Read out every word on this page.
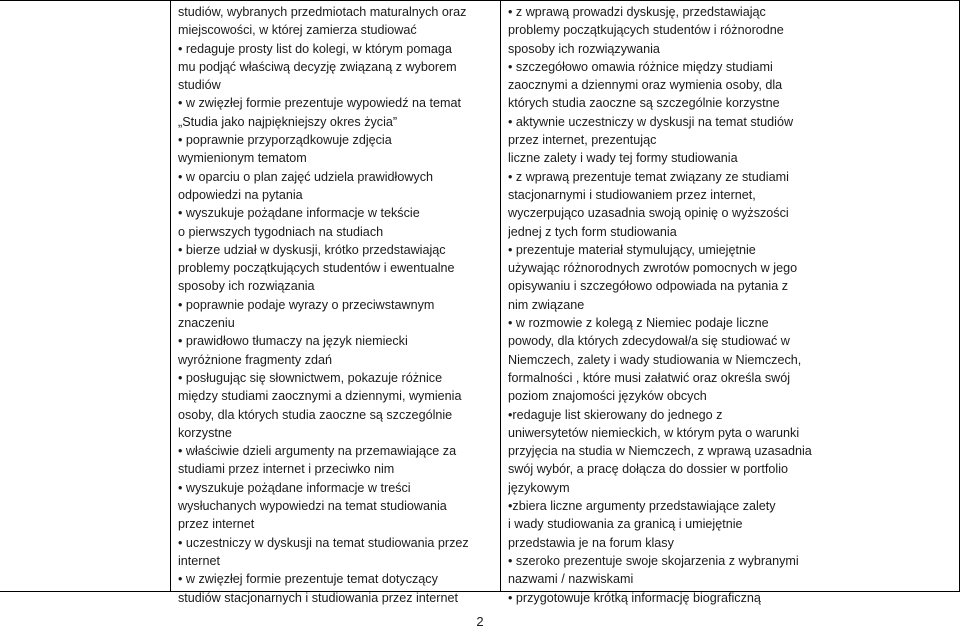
studiów, wybranych przedmiotach maturalnych oraz
miejscowości, w której zamierza studiować
• redaguje prosty list do kolegi, w którym pomaga
mu podjąć właściwą decyzję związaną z wyborem
studiów
• w zwięzłej formie prezentuje wypowiedź na temat
„Studia jako najpiękniejszy okres życia”
• poprawnie przyporządkowuje zdjęcia
wymienionym tematom
• w oparciu o plan zajęć udziela prawidłowych
odpowiedzi na pytania
• wyszukuje pożądane informacje w tekście
o pierwszych tygodniach na studiach
• bierze udział w dyskusji, krótko przedstawiając
problemy początkujących studentów i ewentualne
sposoby ich rozwiązania
• poprawnie podaje wyrazy o przeciwstawnym
znaczeniu
• prawidłowo tłumaczy na język niemiecki
wyróżnione fragmenty zdań
• posługując się słownictwem, pokazuje różnice
między studiami zaocznymi a dziennymi, wymienia
osoby, dla których studia zaoczne są szczególnie
korzystne
• właściwie dzieli argumenty na przemawiające za
studiami przez internet i przeciwko nim
• wyszukuje pożądane informacje w treści
wysłuchanych wypowiedzi na temat studiowania
przez internet
• uczestniczy w dyskusji na temat studiowania przez
internet
• w zwięzłej formie prezentuje temat dotyczący
studiów stacjonarnych i studiowania przez internet
• z wprawą prowadzi dyskusję, przedstawiając
problemy początkujących studentów i różnorodne
sposoby ich rozwiązywania
• szczegółowo omawia różnice między studiami
zaocznymi a dziennymi oraz wymienia osoby, dla
których studia zaoczne są szczególnie korzystne
• aktywnie uczestniczy w dyskusji na temat studiów
przez internet, prezentując
liczne zalety i wady tej formy studiowania
• z wprawą prezentuje temat związany ze studiami
stacjonarnymi i studiowaniem przez internet,
wyczerpująco uzasadnia swoją opinię o wyższości
jednej z tych form studiowania
• prezentuje materiał stymulujący, umiejętnie
używając różnorodnych zwrotów pomocnych w jego
opisywaniu i szczegółowo odpowiada na pytania z
nim związane
• w rozmowie z kolegą z Niemiec podaje liczne
powody, dla których zdecydował/a się studiować w
Niemczech, zalety i wady studiowania w Niemczech,
formalności , które musi załatwić oraz określa swój
poziom znajomości języków obcych
•redaguje list skierowany do jednego z
uniwersytetów niemieckich, w którym pyta o warunki
przyjęcia na studia w Niemczech, z wprawą uzasadnia
swój wybór, a pracę dołącza do dossier w portfolio
językowym
•zbiera liczne argumenty przedstawiające zalety
i wady studiowania za granicą i umiejętnie
przedstawia je na forum klasy
• szeroko prezentuje swoje skojarzenia z wybranymi
nazwami / nazwiskami
• przygotowuje krótką informację biograficzną
2
